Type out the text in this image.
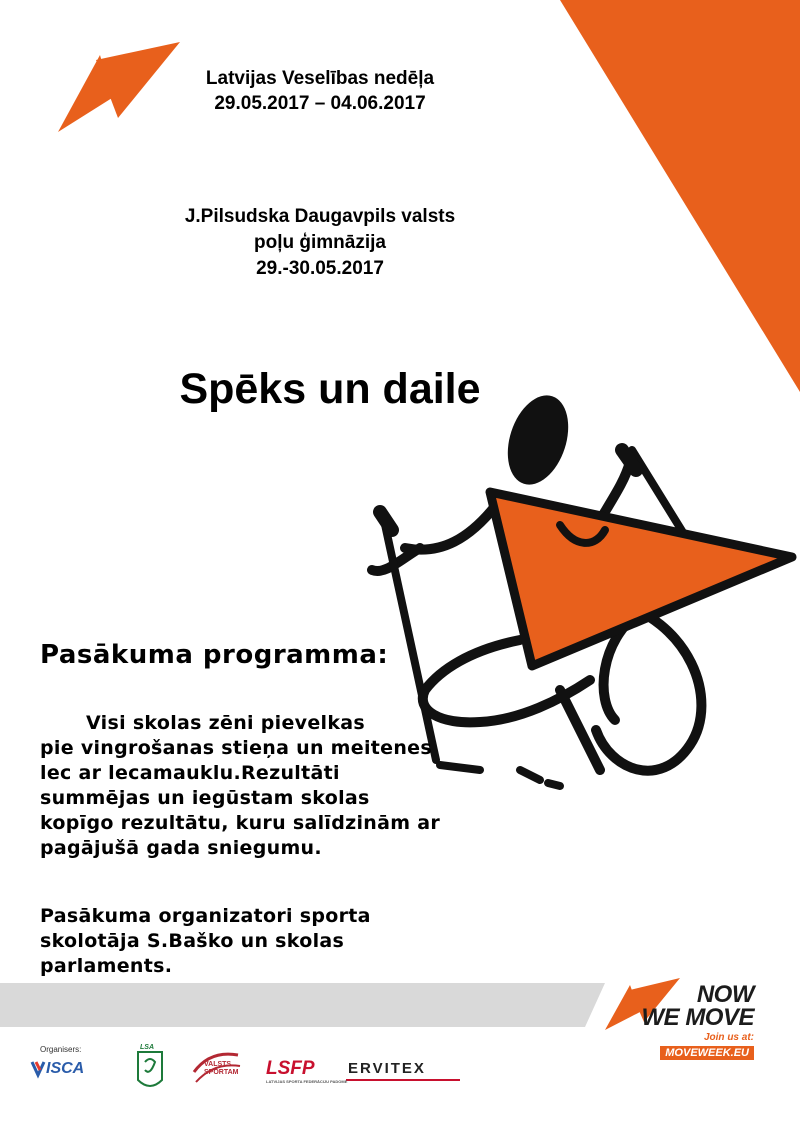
Latvijas Veselības nedēļa
29.05.2017 – 04.06.2017
J.Pilsudska Daugavpils valsts
poļu ģimnāzija
29.-30.05.2017
Spēks un daile
Pasākuma programma:
Visi skolas zēni pievelkas
pie vingrošanas stieņa un meitenes
lec ar lecamauklu.Rezultāti
summējas un iegūstam skolas
kopīgo rezultātu, kuru salīdzinām ar
pagājušā gada sniegumu.
Pasākuma organizatori sporta
skolotāja S.Baško un skolas
parlaments.
NOW
WE MOVE
Join us at:
MOVEWEEK.EU
Organisers:
ISCA
LSA
VALSTS
SPORTAM LSFP
LATVIJAS SPORTA FEDERĀCIJU PADOME
ERVITEX
